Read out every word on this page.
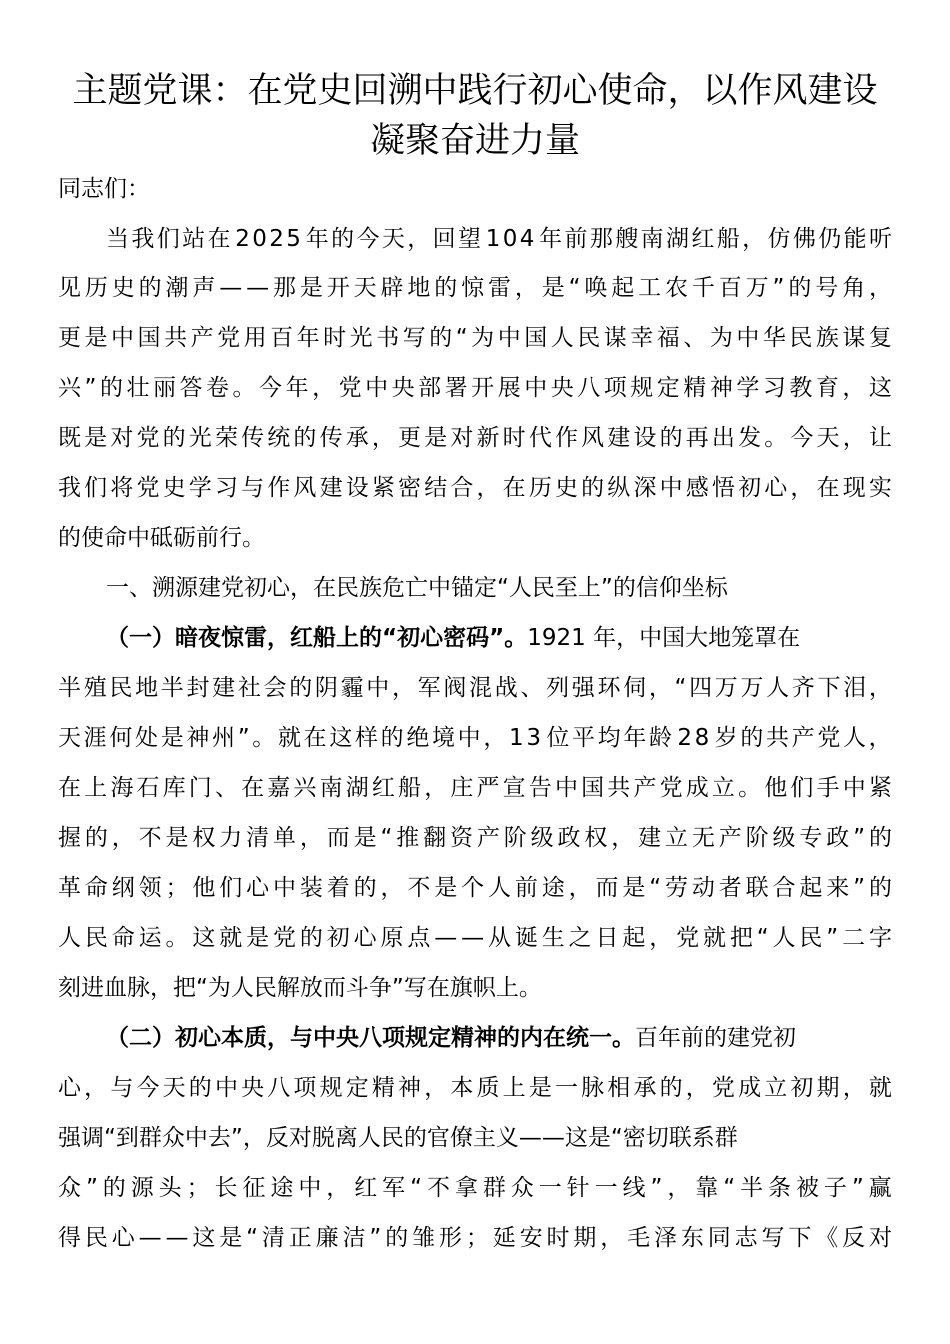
主题党课：在党史回溯中践行初心使命，以作风建设
凝聚奋进力量

同志们：

当 我 们 站 在 2 0 2 5 年 的 今 天 ， 回 望 1 0 4 年 前 那 艘 南 湖 红 船 ， 仿 佛 仍 能 听

见 历 史 的 潮 声 — — 那 是 开 天 辟 地 的 惊 雷 ， 是 “ 唤 起 工 农 千 百 万 ” 的 号 角 ，

更 是 中 国 共 产 党 用 百 年 时 光 书 写 的 “ 为 中 国 人 民 谋 幸 福 、 为 中 华 民 族 谋 复

兴 ” 的 壮 丽 答 卷 。 今 年 ， 党 中 央 部 署 开 展 中 央 八 项 规 定 精 神 学 习 教 育 ， 这

既 是 对 党 的 光 荣 传 统 的 传 承 ， 更 是 对 新 时 代 作 风 建 设 的 再 出 发 。 今 天 ， 让

我 们 将 党 史 学 习 与 作 风 建 设 紧 密 结 合 ， 在 历 史 的 纵 深 中 感 悟 初 心 ， 在 现 实

的使命中砥砺前行。

一、溯源建党初心，在民族危亡中锚定“人民至上”的信仰坐标

（一）暗夜惊雷，红船上的“初心密码”。1921 年，中国大地笼罩在

半 殖 民 地 半 封 建 社 会 的 阴 霾 中 ， 军 阀 混 战 、 列 强 环 伺 ， “ 四 万 万 人 齐 下 泪 ，

天 涯 何 处 是 神 州 ” 。 就 在 这 样 的 绝 境 中 ， 1 3 位 平 均 年 龄 2 8 岁 的 共 产 党 人 ，

在 上 海 石 库 门 、 在 嘉 兴 南 湖 红 船 ， 庄 严 宣 告 中 国 共 产 党 成 立 。 他 们 手 中 紧

握 的 ， 不 是 权 力 清 单 ， 而 是 “ 推 翻 资 产 阶 级 政 权 ， 建 立 无 产 阶 级 专 政 ” 的

革 命 纲 领 ； 他 们 心 中 装 着 的 ， 不 是 个 人 前 途 ， 而 是 “ 劳 动 者 联 合 起 来 ” 的

人 民 命 运 。 这 就 是 党 的 初 心 原 点 — — 从 诞 生 之 日 起 ， 党 就 把 “ 人 民 ” 二 字

刻进血脉，把“为人民解放而斗争”写在旗帜上。

（二）初心本质，与中央八项规定精神的内在统一。百年前的建党初

心 ， 与 今 天 的 中 央 八 项 规 定 精 神 ， 本 质 上 是 一 脉 相 承 的 ， 党 成 立 初 期 ， 就

强调“到群众中去”，反对脱离人民的官僚主义——这是“密切联系群

众 ” 的 源 头 ； 长 征 途 中 ， 红 军 “ 不 拿 群 众 一 针 一 线 ” ， 靠 “ 半 条 被 子 ” 赢

得 民 心 — — 这 是 “ 清 正 廉 洁 ” 的 雏 形 ； 延 安 时 期 ， 毛 泽 东 同 志 写 下 《 反 对
